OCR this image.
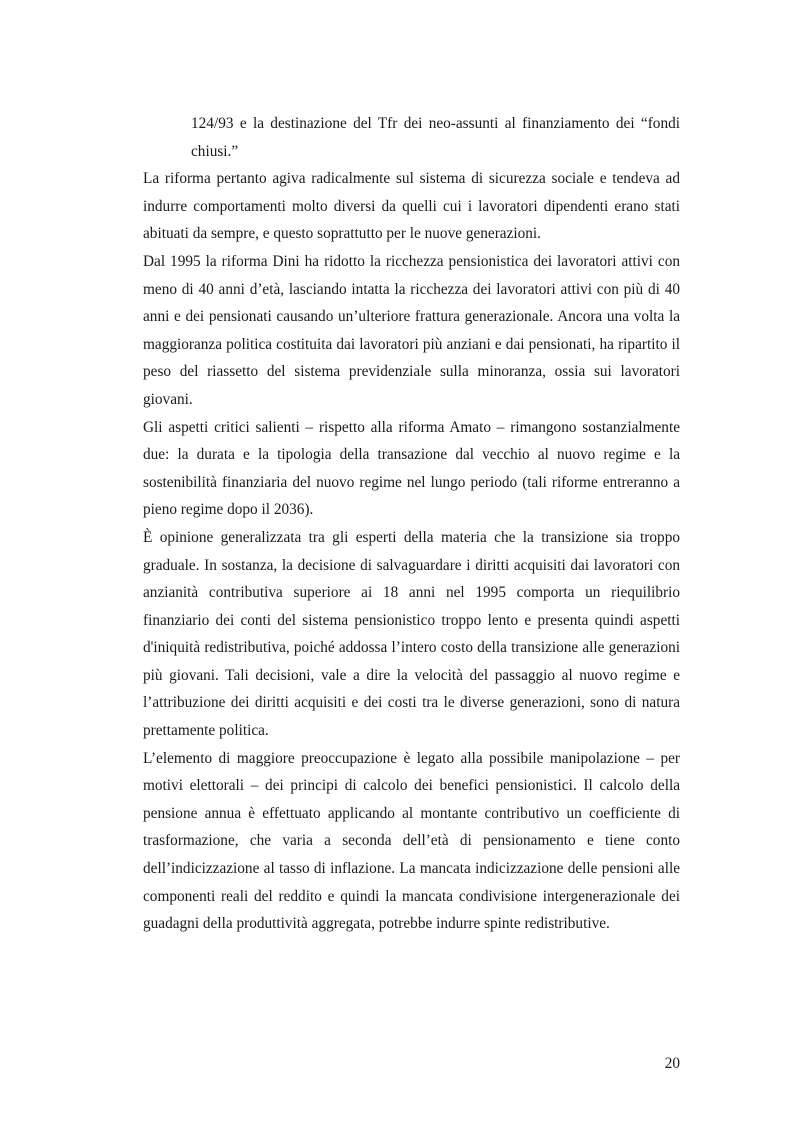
124/93 e la destinazione del Tfr dei neo-assunti al finanziamento dei “fondi chiusi.”

La riforma pertanto agiva radicalmente sul sistema di sicurezza sociale e tendeva ad indurre comportamenti molto diversi da quelli cui i lavoratori dipendenti erano stati abituati da sempre, e questo soprattutto per le nuove generazioni.

Dal 1995 la riforma Dini ha ridotto la ricchezza pensionistica dei lavoratori attivi con meno di 40 anni d’età, lasciando intatta la ricchezza dei lavoratori attivi con più di 40 anni e dei pensionati causando un’ulteriore frattura generazionale. Ancora una volta la maggioranza politica costituita dai lavoratori più anziani e dai pensionati, ha ripartito il peso del riassetto del sistema previdenziale sulla minoranza, ossia sui lavoratori giovani.

Gli aspetti critici salienti – rispetto alla riforma Amato – rimangono sostanzialmente due: la durata e la tipologia della transazione dal vecchio al nuovo regime e la sostenibilità finanziaria del nuovo regime nel lungo periodo (tali riforme entreranno a pieno regime dopo il 2036).

È opinione generalizzata tra gli esperti della materia che la transizione sia troppo graduale. In sostanza, la decisione di salvaguardare i diritti acquisiti dai lavoratori con anzianità contributiva superiore ai 18 anni nel 1995 comporta un riequilibrio finanziario dei conti del sistema pensionistico troppo lento e presenta quindi aspetti d'iniquità redistributiva, poiché addossa l’intero costo della transizione alle generazioni più giovani. Tali decisioni, vale a dire la velocità del passaggio al nuovo regime e l’attribuzione dei diritti acquisiti e dei costi tra le diverse generazioni, sono di natura prettamente politica.

L’elemento di maggiore preoccupazione è legato alla possibile manipolazione – per motivi elettorali – dei principi di calcolo dei benefici pensionistici. Il calcolo della pensione annua è effettuato applicando al montante contributivo un coefficiente di trasformazione, che varia a seconda dell’età di pensionamento e tiene conto dell’indicizzazione al tasso di inflazione. La mancata indicizzazione delle pensioni alle componenti reali del reddito e quindi la mancata condivisione intergenerazionale dei guadagni della produttività aggregata, potrebbe indurre spinte redistributive.

20
